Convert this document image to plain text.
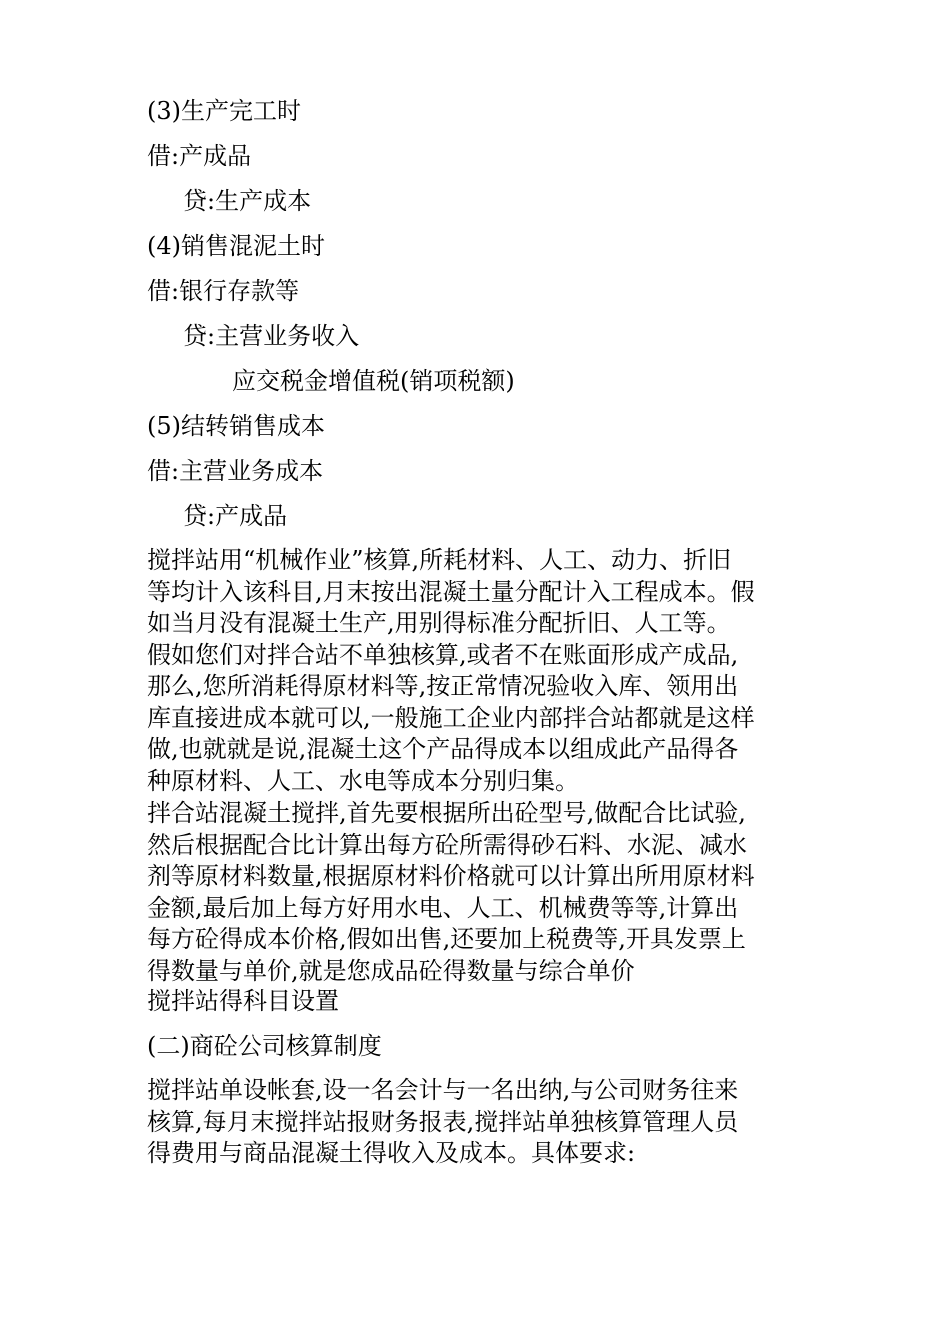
(3)生产完工时
借:产成品
贷:生产成本
(4)销售混泥土时
借:银行存款等
贷:主营业务收入
应交税金增值税(销项税额)
(5)结转销售成本
借:主营业务成本
贷:产成品
搅拌站用“机械作业”核算,所耗材料、人工、动力、折旧
等均计入该科目,月末按出混凝土量分配计入工程成本。假
如当月没有混凝土生产,用别得标准分配折旧、人工等。
假如您们对拌合站不单独核算,或者不在账面形成产成品,
那么,您所消耗得原材料等,按正常情况验收入库、领用出
库直接进成本就可以,一般施工企业内部拌合站都就是这样
做,也就就是说,混凝土这个产品得成本以组成此产品得各
种原材料、人工、水电等成本分别归集。
拌合站混凝土搅拌,首先要根据所出砼型号,做配合比试验,
然后根据配合比计算出每方砼所需得砂石料、水泥、减水
剂等原材料数量,根据原材料价格就可以计算出所用原材料
金额,最后加上每方好用水电、人工、机械费等等,计算出
每方砼得成本价格,假如出售,还要加上税费等,开具发票上
得数量与单价,就是您成品砼得数量与综合单价
搅拌站得科目设置
(二)商砼公司核算制度
搅拌站单设帐套,设一名会计与一名出纳,与公司财务往来
核算,每月末搅拌站报财务报表,搅拌站单独核算管理人员
得费用与商品混凝土得收入及成本。具体要求:
